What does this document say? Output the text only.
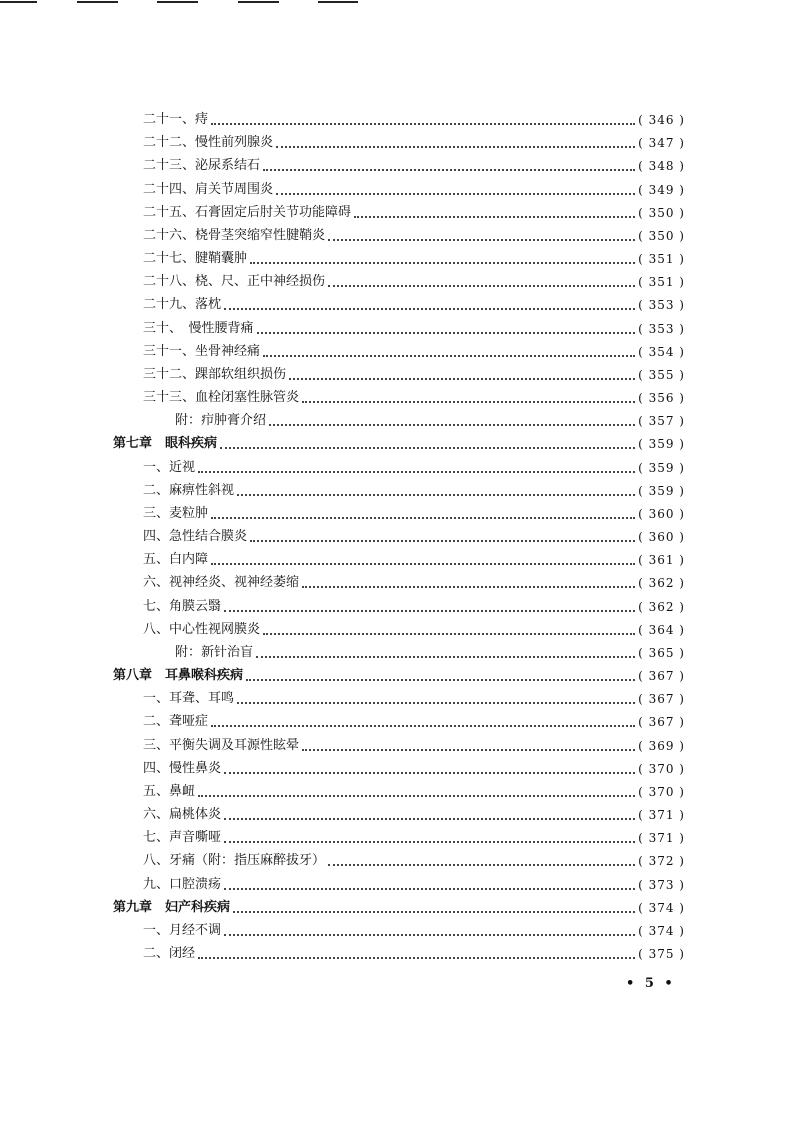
二十一、痔	( 346 )
二十二、慢性前列腺炎	( 347 )
二十三、泌尿系结石	( 348 )
二十四、肩关节周围炎	( 349 )
二十五、石膏固定后肘关节功能障碍	( 350 )
二十六、桡骨茎突缩窄性腱鞘炎	( 350 )
二十七、腱鞘囊肿	( 351 )
二十八、桡、尺、正中神经损伤	( 351 )
二十九、落枕	( 353 )
三十、　慢性腰背痛	( 353 )
三十一、坐骨神经痛	( 354 )
三十二、踝部软组织损伤	( 355 )
三十三、血栓闭塞性脉管炎	( 356 )
附：疖肿膏介绍	( 357 )
第七章　眼科疾病	( 359 )
一、近视	( 359 )
二、麻痹性斜视	( 359 )
三、麦粒肿	( 360 )
四、急性结合膜炎	( 360 )
五、白内障	( 361 )
六、视神经炎、视神经萎缩	( 362 )
七、角膜云翳	( 362 )
八、中心性视网膜炎	( 364 )
附：新针治盲	( 365 )
第八章　耳鼻喉科疾病	( 367 )
一、耳聋、耳鸣	( 367 )
二、聋哑症	( 367 )
三、平衡失调及耳源性眩晕	( 369 )
四、慢性鼻炎	( 370 )
五、鼻衄	( 370 )
六、扁桃体炎	( 371 )
七、声音嘶哑	( 371 )
八、牙痛（附：指压麻醉拔牙）	( 372 )
九、口腔溃疡	( 373 )
第九章　妇产科疾病	( 374 )
一、月经不调	( 374 )
二、闭经	( 375 )
• 5 •
